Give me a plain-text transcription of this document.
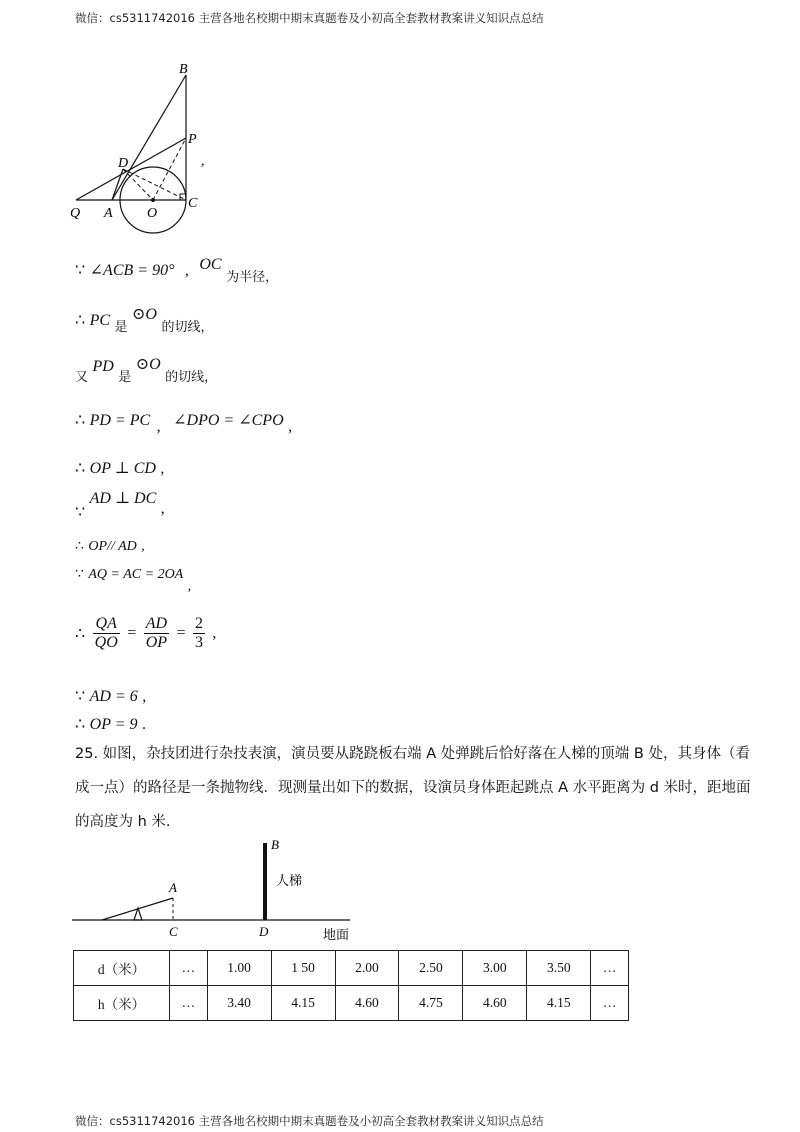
微信：cs5311742016 主营各地名校期中期末真题卷及小初高全套教材教案讲义知识点总结
B
P
D
Q A O
C
,
∵ ∠ACB = 90° , OC 为半径，
∴ PC 是 ⊙O 的切线，
又 PD 是 ⊙O 的切线，
∴ PD = PC , ∠DPO = ∠CPO ,
∴ OP ⊥ CD ,
∵ AD ⊥ DC ,
∴ OP// AD ,
∵ AQ = AC = 2OA ,
∴ $\frac{QA}{QO} = \frac{AD}{OP} = \frac{2}{3}$ ,
∵ AD = 6 ,
∴ OP = 9 .
25. 如图，杂技团进行杂技表演，演员要从跷跷板右端 A 处弹跳后恰好落在人梯的顶端 B 处，其身体（看
成一点）的路径是一条抛物线．现测量出如下的数据，设演员身体距起跳点 A 水平距离为 d 米时，距地面
的高度为 h 米.
B
A
C	D
人梯
地面
d（米）	…	1.00	1 50	2.00	2.50	3.00	3.50	…
h（米）	…	3.40	4.15	4.60	4.75	4.60	4.15	…
微信：cs5311742016 主营各地名校期中期末真题卷及小初高全套教材教案讲义知识点总结
